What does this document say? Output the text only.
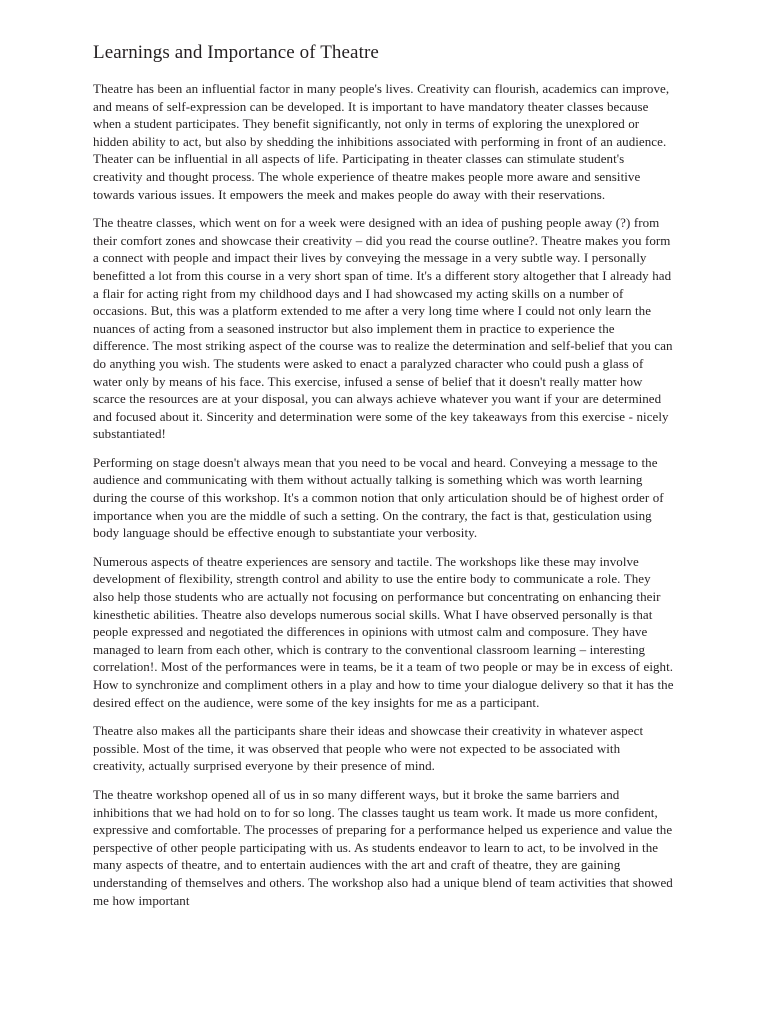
Learnings and Importance of Theatre

Theatre has been an influential factor in many people's lives. Creativity can flourish, academics can improve, and means of self-expression can be developed. It is important to have mandatory theater classes because when a student participates. They benefit significantly, not only in terms of exploring the unexplored or hidden ability to act, but also by shedding the inhibitions associated with performing in front of an audience. Theater can be influential in all aspects of life. Participating in theater classes can stimulate student's creativity and thought process. The whole experience of theatre makes people more aware and sensitive towards various issues. It empowers the meek and makes people do away with their reservations.

The theatre classes, which went on for a week were designed with an idea of pushing people away (?) from their comfort zones and showcase their creativity – did you read the course outline?. Theatre makes you form a connect with people and impact their lives by conveying the message in a very subtle way. I personally benefitted a lot from this course in a very short span of time. It's a different story altogether that I already had a flair for acting right from my childhood days and I had showcased my acting skills on a number of occasions. But, this was a platform extended to me after a very long time where I could not only learn the nuances of acting from a seasoned instructor but also implement them in practice to experience the difference. The most striking aspect of the course was to realize the determination and self-belief that you can do anything you wish. The students were asked to enact a paralyzed character who could push a glass of water only by means of his face. This exercise, infused a sense of belief that it doesn't really matter how scarce the resources are at your disposal, you can always achieve whatever you want if your are determined and focused about it. Sincerity and determination were some of the key takeaways from this exercise - nicely substantiated!

Performing on stage doesn't always mean that you need to be vocal and heard. Conveying a message to the audience and communicating with them without actually talking is something which was worth learning during the course of this workshop. It's a common notion that only articulation should be of highest order of importance when you are the middle of such a setting. On the contrary, the fact is that, gesticulation using body language should be effective enough to substantiate your verbosity.

Numerous aspects of theatre experiences are sensory and tactile. The workshops like these may involve development of flexibility, strength control and ability to use the entire body to communicate a role. They also help those students who are actually not focusing on performance but concentrating on enhancing their kinesthetic abilities. Theatre also develops numerous social skills. What I have observed personally is that people expressed and negotiated the differences in opinions with utmost calm and composure. They have managed to learn from each other, which is contrary to the conventional classroom learning – interesting correlation!. Most of the performances were in teams, be it a team of two people or may be in excess of eight. How to synchronize and compliment others in a play and how to time your dialogue delivery so that it has the desired effect on the audience, were some of the key insights for me as a participant.

Theatre also makes all the participants share their ideas and showcase their creativity in whatever aspect possible. Most of the time, it was observed that people who were not expected to be associated with creativity, actually surprised everyone by their presence of mind.

The theatre workshop opened all of us in so many different ways, but it broke the same barriers and inhibitions that we had hold on to for so long. The classes taught us team work. It made us more confident, expressive and comfortable. The processes of preparing for a performance helped us experience and value the perspective of other people participating with us. As students endeavor to learn to act, to be involved in the many aspects of theatre, and to entertain audiences with the art and craft of theatre, they are gaining understanding of themselves and others. The workshop also had a unique blend of team activities that showed me how important
